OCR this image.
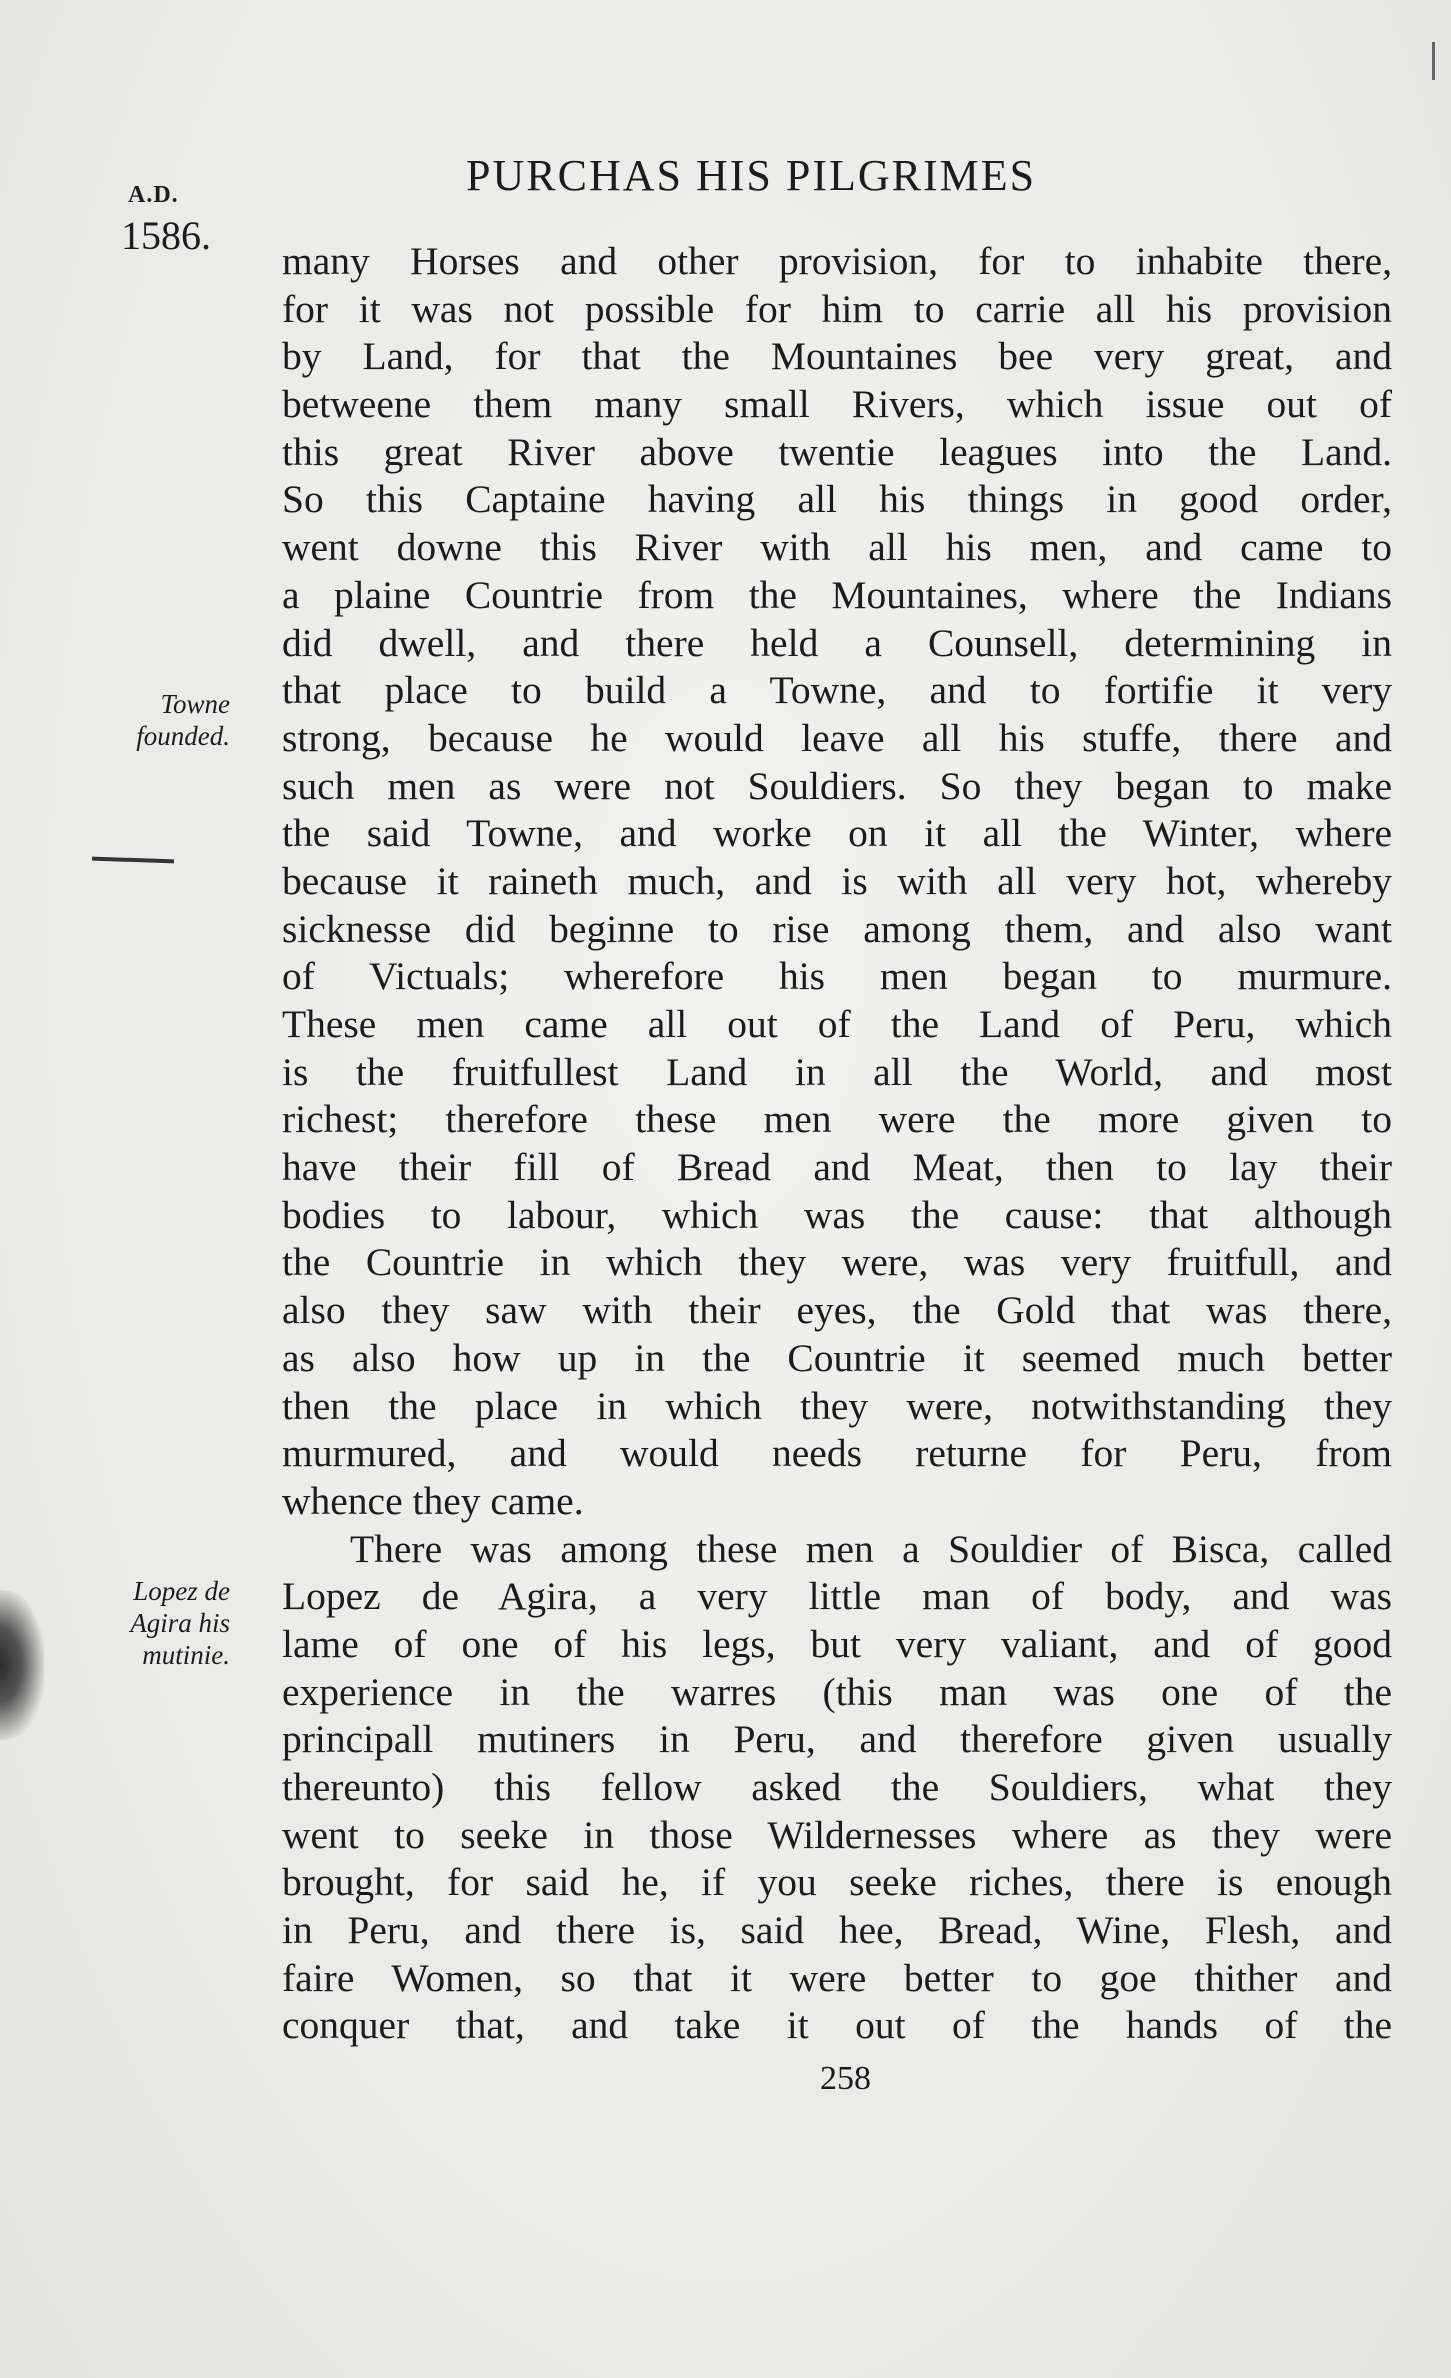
A.D.
1586.
PURCHAS HIS PILGRIMES
Towne
founded.
Lopez de
Agira his
mutinie.
many Horses and other provision, for to inhabite there,
for it was not possible for him to carrie all his provision
by Land, for that the Mountaines bee very great, and
betweene them many small Rivers, which issue out of
this great River above twentie leagues into the Land.
So this Captaine having all his things in good order,
went downe this River with all his men, and came to
a plaine Countrie from the Mountaines, where the Indians
did dwell, and there held a Counsell, determining in
that place to build a Towne, and to fortifie it very
strong, because he would leave all his stuffe, there and
such men as were not Souldiers. So they began to make
the said Towne, and worke on it all the Winter, where
because it raineth much, and is with all very hot, whereby
sicknesse did beginne to rise among them, and also want
of Victuals; wherefore his men began to murmure.
These men came all out of the Land of Peru, which
is the fruitfullest Land in all the World, and most
richest; therefore these men were the more given to
have their fill of Bread and Meat, then to lay their
bodies to labour, which was the cause: that although
the Countrie in which they were, was very fruitfull, and
also they saw with their eyes, the Gold that was there,
as also how up in the Countrie it seemed much better
then the place in which they were, notwithstanding they
murmured, and would needs returne for Peru, from
whence they came.
There was among these men a Souldier of Bisca, called
Lopez de Agira, a very little man of body, and was
lame of one of his legs, but very valiant, and of good
experience in the warres (this man was one of the
principall mutiners in Peru, and therefore given usually
thereunto) this fellow asked the Souldiers, what they
went to seeke in those Wildernesses where as they were
brought, for said he, if you seeke riches, there is enough
in Peru, and there is, said hee, Bread, Wine, Flesh, and
faire Women, so that it were better to goe thither and
conquer that, and take it out of the hands of the
258
